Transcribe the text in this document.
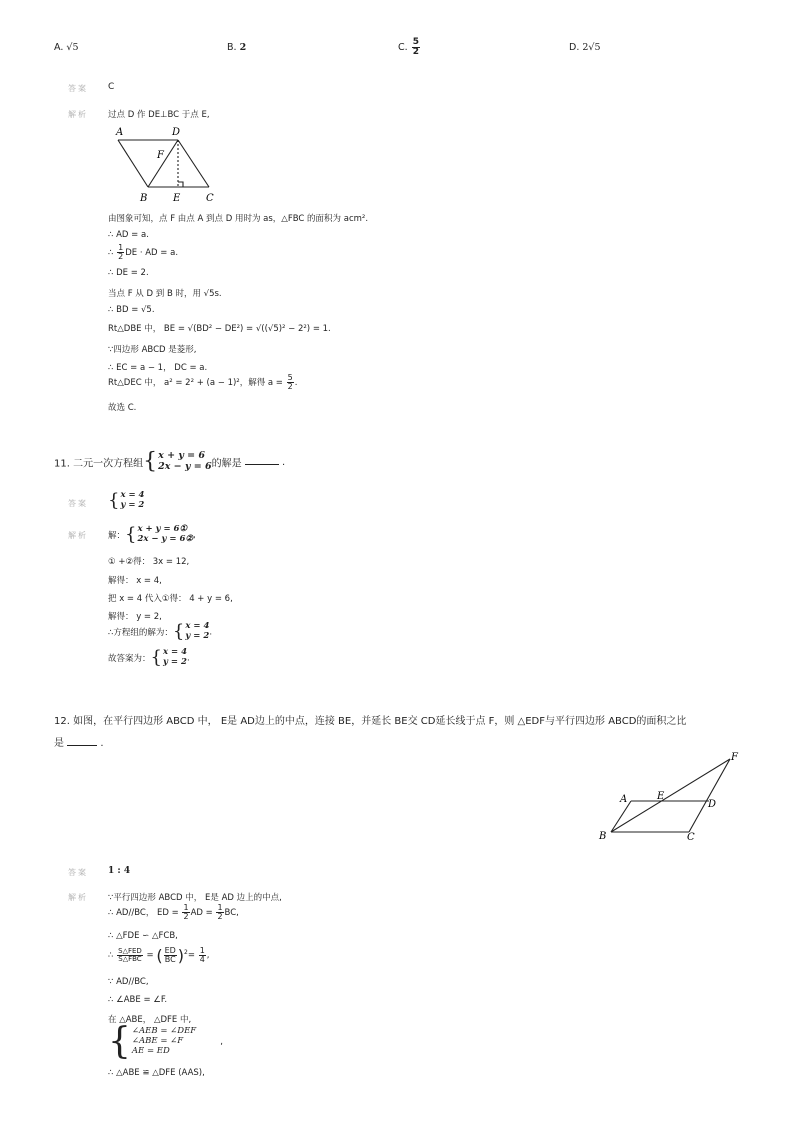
A. √5	B. 2	C. $\frac{5}{2}$	D. 2√5
答案 C
解析 过点 D 作 DE⊥BC 于点 E,
A	D
F
B	E	C
由图象可知，点 F 由点 A 到点 D 用时为 as，△FBC 的面积为 acm².
∴ AD = a.
∴ $\frac{1}{2}$ DE · AD = a.
∴ DE = 2.
当点 F 从 D 到 B 时，用 √5s.
∴ BD = √5.
Rt△DBE 中， BE = √(BD² − DE²) = √((√5)² − 2²) = 1.
∵四边形 ABCD 是菱形,
∴ EC = a − 1， DC = a.
Rt△DEC 中， a² = 2² + (a − 1)²，解得 $a = \frac{5}{2}$ .
故选 C.
11. 二元一次方程组 { x + y = 6
2x − y = 6 的解是	.
答案 { x = 4
y = 2
解析 解： { x + y = 6①
2x − y = 6② ,
① +②得： 3x = 12,
解得： x = 4,
把 x = 4 代入①得： 4 + y = 6,
解得： y = 2,
∴方程组的解为： { x = 4
y = 2 .
故答案为： { x = 4
y = 2 .
12. 如图，在平行四边形 ABCD 中， E是 AD边上的中点，连接 BE，并延长 BE交 CD延长线于点 F，则 △EDF与平行四边形 ABCD的面积之比
是	.
A	E
D
F
B	C
答案 1 : 4
解析 ∵平行四边形 ABCD 中， E是 AD 边上的中点,
∴ AD//BC， ED = $\frac{1}{2}$ AD = $\frac{1}{2}$ BC,
∴ △FDE ∽ △FCB,
∴ $\frac{\text{S△FED}}{\text{S△FBC}}$ = ( $\frac{ED}{BC} )^2= \frac{1}{4}$ ,
∵ AD//BC,
∴ ∠ABE = ∠F.
在 △ABE， △DFE 中,
{ ∠AEB = ∠DEF
∠ABE = ∠F
AE = ED
,
∴ △ABE ≌ △DFE (AAS),
